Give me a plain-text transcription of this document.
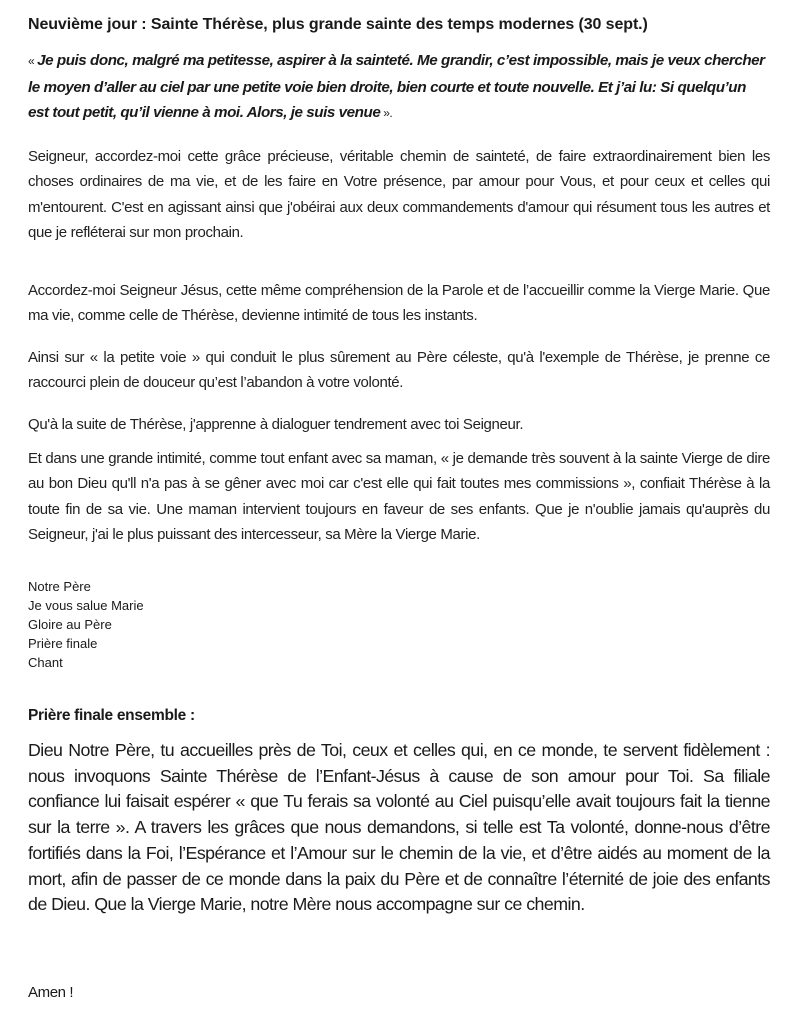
Neuvième jour : Sainte Thérèse, plus grande sainte des temps modernes (30 sept.)
« Je puis donc, malgré ma petitesse, aspirer à la sainteté. Me grandir, c’est impossible, mais je veux chercher le moyen d’aller au ciel par une petite voie bien droite, bien courte et toute nouvelle. Et j’ai lu: Si quelqu’un est tout petit, qu’il vienne à moi. Alors, je suis venue ».
Seigneur, accordez-moi cette grâce précieuse, véritable chemin de sainteté, de faire extraordinairement bien les choses ordinaires de ma vie, et de les faire en Votre présence, par amour pour Vous, et pour ceux et celles qui m'entourent. C'est en agissant ainsi que j'obéirai aux deux commandements d'amour qui résument tous les autres et que je refléterai sur mon prochain.
Accordez-moi Seigneur Jésus, cette même compréhension de la Parole et de l’accueillir comme la Vierge Marie. Que ma vie, comme celle de Thérèse, devienne intimité de tous les instants.
Ainsi sur « la petite voie » qui conduit le plus sûrement au Père céleste, qu'à l'exemple de Thérèse, je prenne ce raccourci plein de douceur qu’est l’abandon à votre volonté.
Qu'à la suite de Thérèse, j'apprenne à dialoguer tendrement avec toi Seigneur.
Et dans une grande intimité, comme tout enfant avec sa maman, « je demande très souvent à la sainte Vierge de dire au bon Dieu qu'll n'a pas à se gêner avec moi car c'est elle qui fait toutes mes commissions », confiait Thérèse à la toute fin de sa vie. Une maman intervient toujours en faveur de ses enfants. Que je n'oublie jamais qu'auprès du Seigneur, j'ai le plus puissant des intercesseur, sa Mère la Vierge Marie.
Notre Père
Je vous salue Marie
Gloire au Père
Prière finale
Chant
Prière finale ensemble :
Dieu Notre Père, tu accueilles près de Toi, ceux et celles qui, en ce monde, te servent fidèlement : nous invoquons Sainte Thérèse de l’Enfant-Jésus à cause de son amour pour Toi. Sa filiale confiance lui faisait espérer « que Tu ferais sa volonté au Ciel puisqu’elle avait toujours fait la tienne sur la terre ». A travers les grâces que nous demandons, si telle est Ta volonté, donne-nous d’être fortifiés dans la Foi, l’Espérance et l’Amour sur le chemin de la vie, et d’être aidés au moment de la mort, afin de passer de ce monde dans la paix du Père et de connaître l’éternité de joie des enfants de Dieu. Que la Vierge Marie, notre Mère nous accompagne sur ce chemin.
Amen !
